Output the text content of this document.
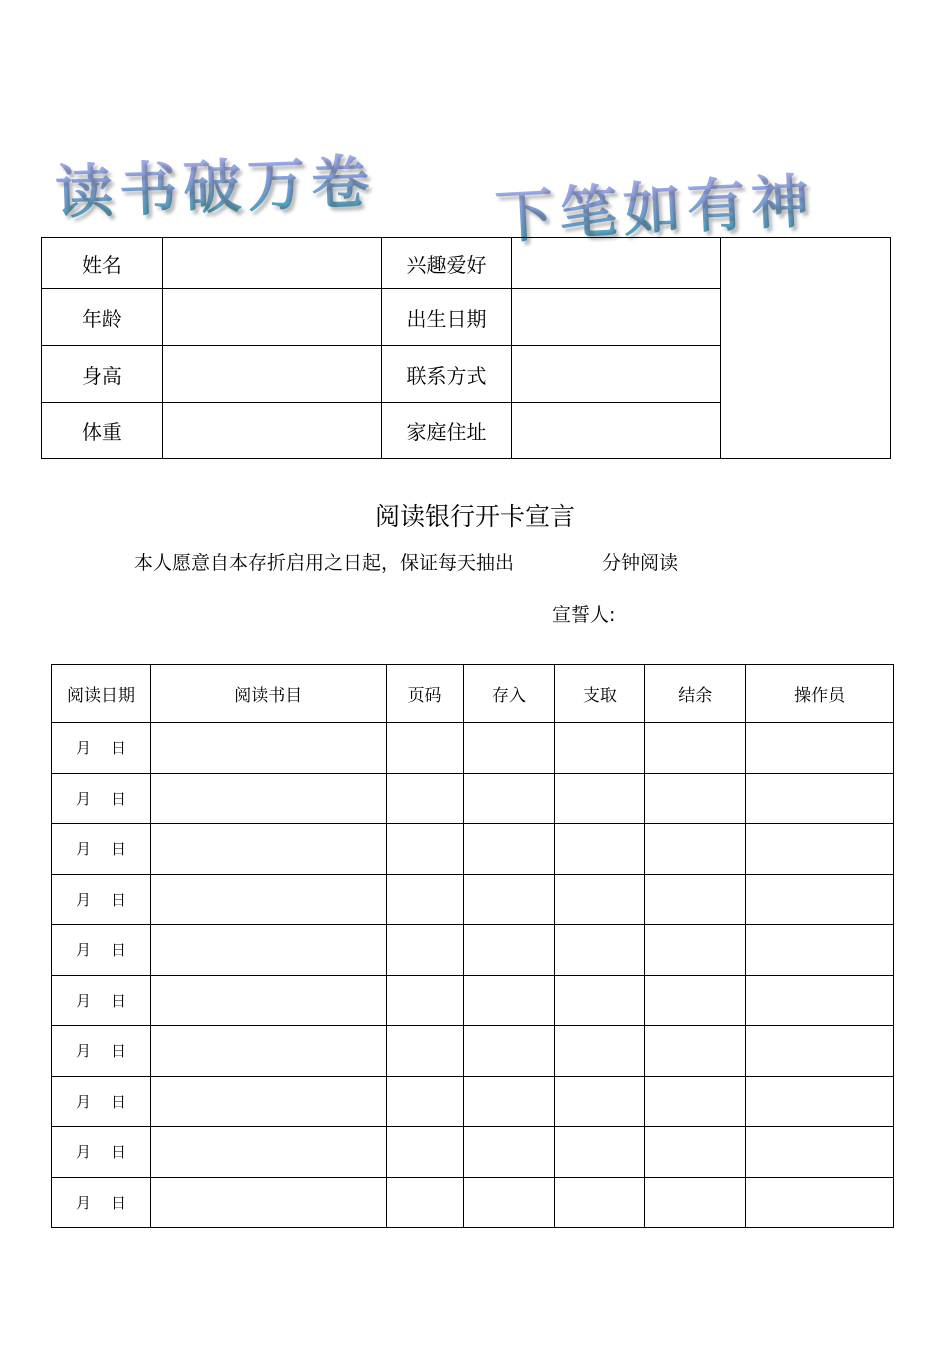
读书破万卷 下笔如有神
姓名		兴趣爱好		
年龄		出生日期		
身高		联系方式		
体重		家庭住址		
阅读银行开卡宣言
本人愿意自本存折启用之日起，保证每天抽出	分钟阅读
宣誓人:
阅读日期	阅读书目	页码	存入	支取	结余	操作员
月 日						
月 日						
月 日						
月 日						
月 日						
月 日						
月 日						
月 日						
月 日						
月 日						
